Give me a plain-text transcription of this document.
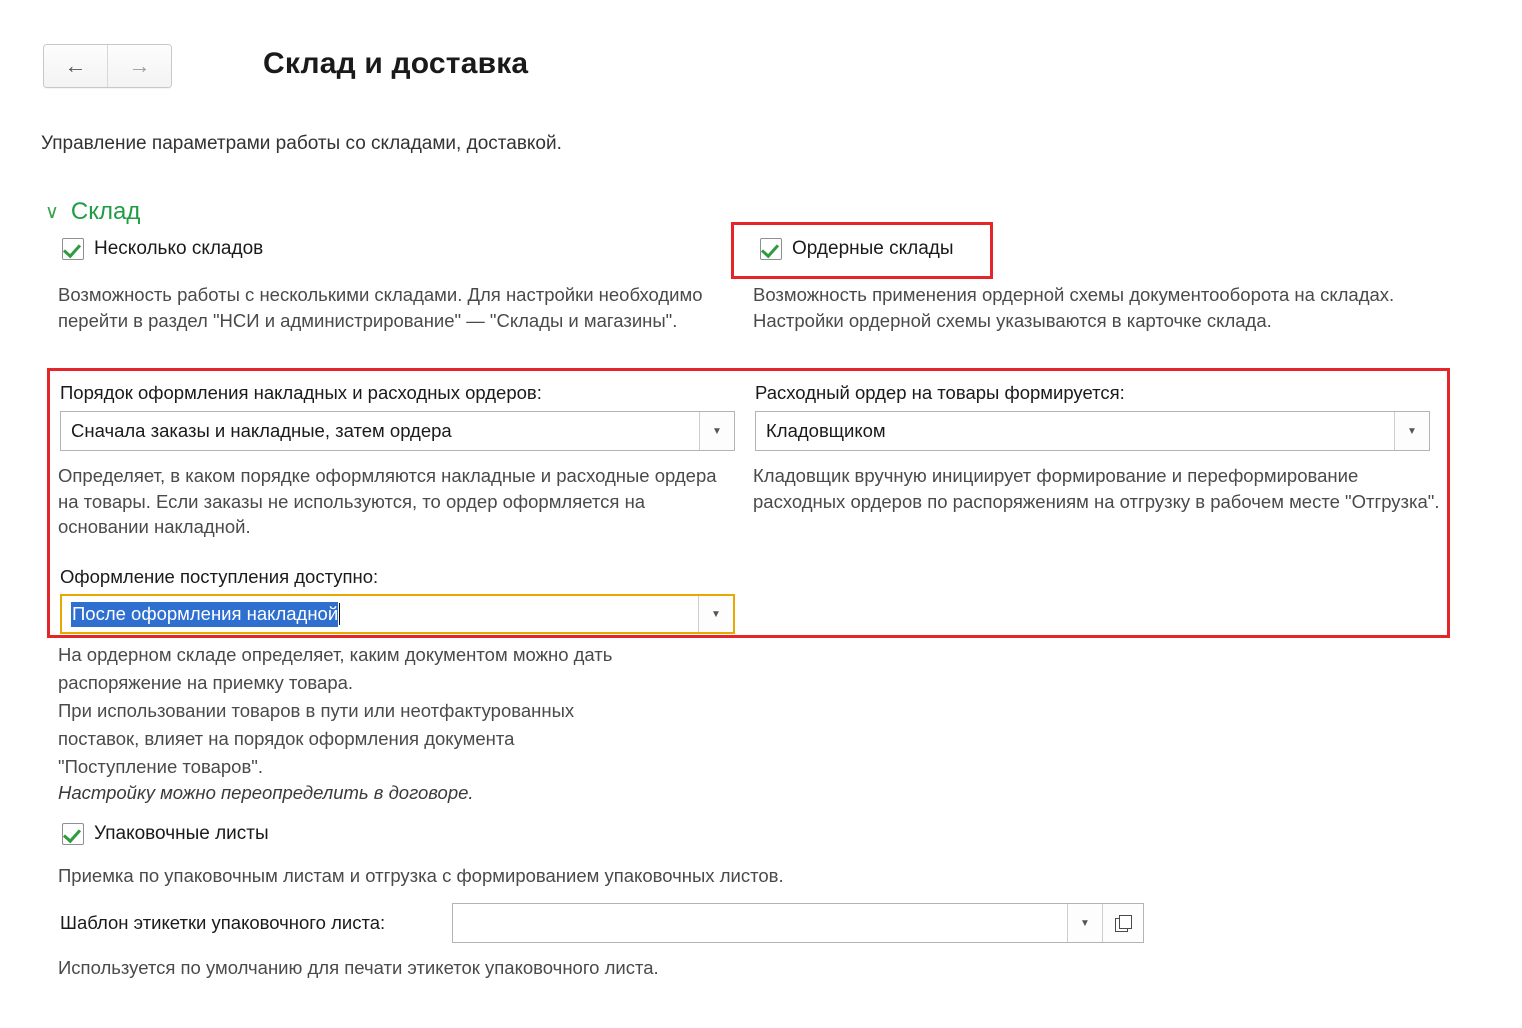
← →	Склад и доставка
Управление параметрами работы со складами, доставкой.
∨ Склад
Несколько складов
Возможность работы с несколькими складами. Для настройки необходимо перейти в раздел "НСИ и администрирование" — "Склады и магазины".
Ордерные склады
Возможность применения ордерной схемы документооборота на складах. Настройки ордерной схемы указываются в карточке склада.
Порядок оформления накладных и расходных ордеров:
Сначала заказы и накладные, затем ордера	▼
Определяет, в каком порядке оформляются накладные и расходные ордера на товары. Если заказы не используются, то ордер оформляется на основании накладной.
Расходный ордер на товары формируется:
Кладовщиком	▼
Кладовщик вручную инициирует формирование и переформирование расходных ордеров по распоряжениям на отгрузку в рабочем месте "Отгрузка".
Оформление поступления доступно:
После оформления накладной	▼
На ордерном складе определяет, каким документом можно дать
распоряжение на приемку товара.
При использовании товаров в пути или неотфактурованных
поставок, влияет на порядок оформления документа
"Поступление товаров".
Настройку можно переопределить в договоре.
Упаковочные листы
Приемка по упаковочным листам и отгрузка с формированием упаковочных листов.
Шаблон этикетки упаковочного листа:	▼
Используется по умолчанию для печати этикеток упаковочного листа.
